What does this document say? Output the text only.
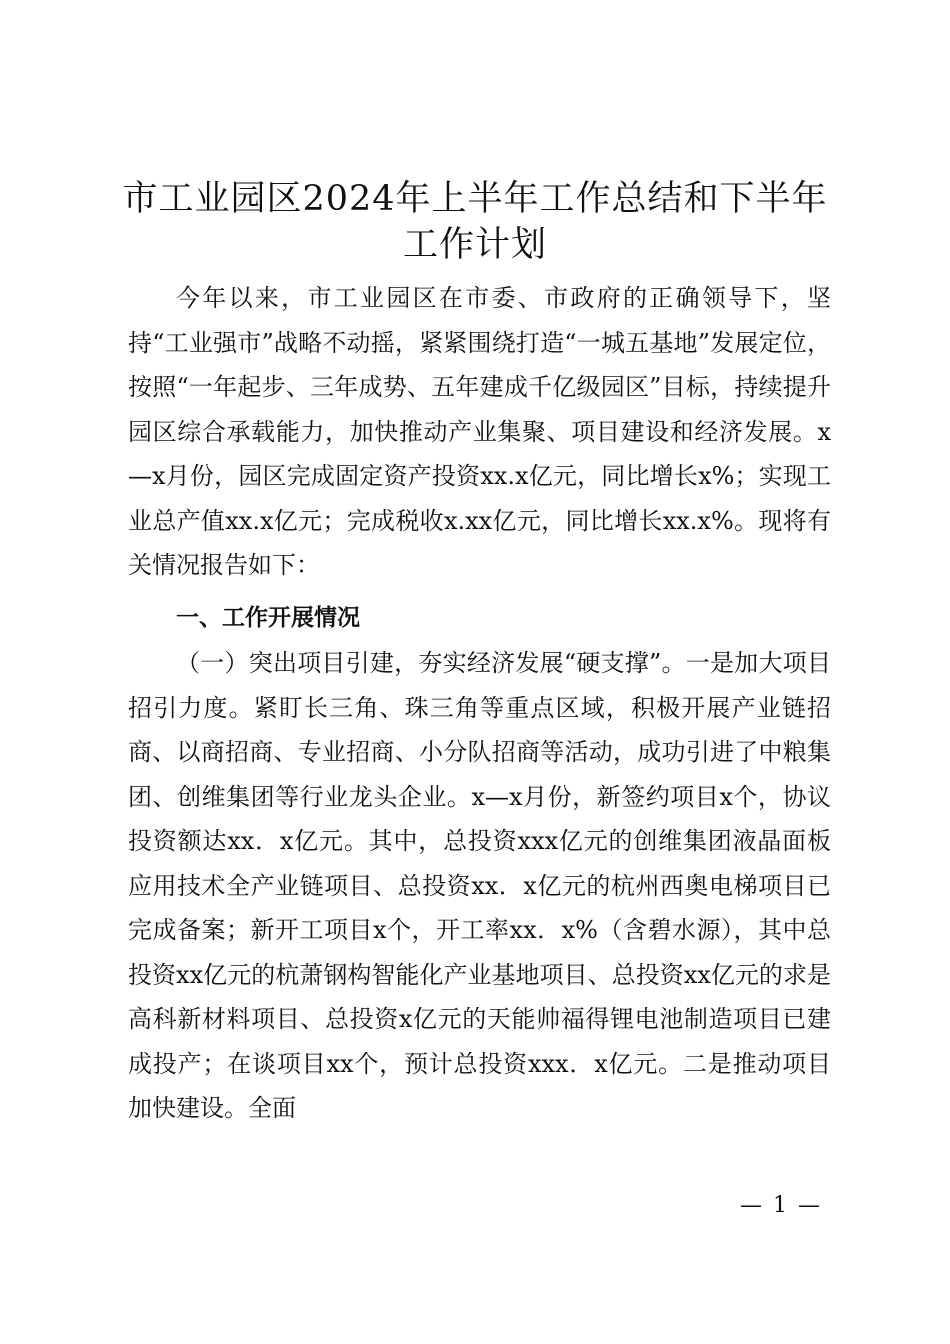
市工业园区2024年上半年工作总结和下半年
工作计划

今年以来，市工业园区在市委、市政府的正确领导下，坚持“工业强市”战略不动摇，紧紧围绕打造“一城五基地”发展定位，按照“一年起步、三年成势、五年建成千亿级园区”目标，持续提升园区综合承载能力，加快推动产业集聚、项目建设和经济发展。x—x月份，园区完成固定资产投资xx.x亿元，同比增长x%；实现工业总产值xx.x亿元；完成税收x.xx亿元，同比增长xx.x%。现将有关情况报告如下：

一、工作开展情况

（一）突出项目引建，夯实经济发展“硬支撑”。一是加大项目招引力度。紧盯长三角、珠三角等重点区域，积极开展产业链招商、以商招商、专业招商、小分队招商等活动，成功引进了中粮集团、创维集团等行业龙头企业。x—x月份，新签约项目x个，协议投资额达xx．x亿元。其中，总投资xxx亿元的创维集团液晶面板应用技术全产业链项目、总投资xx．x亿元的杭州西奥电梯项目已完成备案；新开工项目x个，开工率xx．x%（含碧水源），其中总投资xx亿元的杭萧钢构智能化产业基地项目、总投资xx亿元的求是高科新材料项目、总投资x亿元的天能帅福得锂电池制造项目已建成投产；在谈项目xx个，预计总投资xxx．x亿元。二是推动项目加快建设。全面

— 1 —
